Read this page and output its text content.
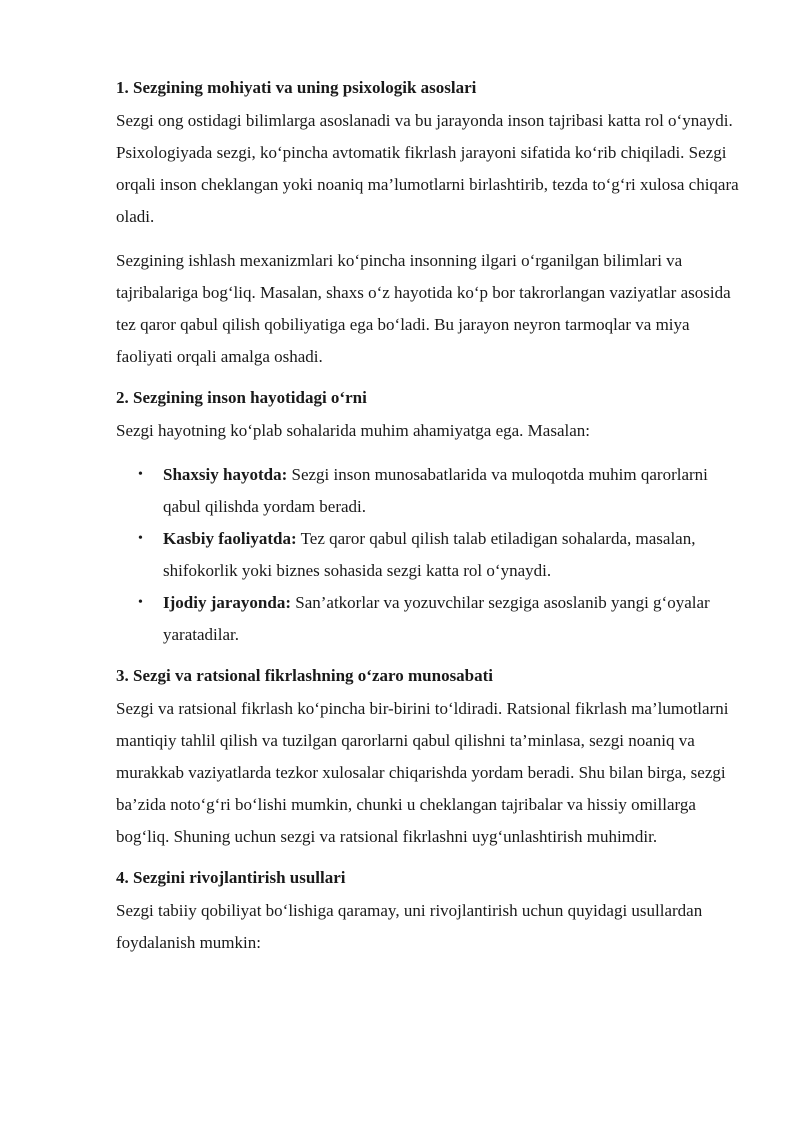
1. Sezgining mohiyati va uning psixologik asoslari

Sezgi ong ostidagi bilimlarga asoslanadi va bu jarayonda inson tajribasi katta rol o‘ynaydi. Psixologiyada sezgi, ko‘pincha avtomatik fikrlash jarayoni sifatida ko‘rib chiqiladi. Sezgi orqali inson cheklangan yoki noaniq ma’lumotlarni birlashtirib, tezda to‘g‘ri xulosa chiqara oladi.

Sezgining ishlash mexanizmlari ko‘pincha insonning ilgari o‘rganilgan bilimlari va tajribalariga bog‘liq. Masalan, shaxs o‘z hayotida ko‘p bor takrorlangan vaziyatlar asosida tez qaror qabul qilish qobiliyatiga ega bo‘ladi. Bu jarayon neyron tarmoqlar va miya faoliyati orqali amalga oshadi.

2. Sezgining inson hayotidagi o‘rni

Sezgi hayotning ko‘plab sohalarida muhim ahamiyatga ega. Masalan:

• Shaxsiy hayotda: Sezgi inson munosabatlarida va muloqotda muhim qarorlarni qabul qilishda yordam beradi.
• Kasbiy faoliyatda: Tez qaror qabul qilish talab etiladigan sohalarda, masalan, shifokorlik yoki biznes sohasida sezgi katta rol o‘ynaydi.
• Ijodiy jarayonda: San’atkorlar va yozuvchilar sezgiga asoslanib yangi g‘oyalar yaratadilar.
3. Sezgi va ratsional fikrlashning o‘zaro munosabati

Sezgi va ratsional fikrlash ko‘pincha bir-birini to‘ldiradi. Ratsional fikrlash ma’lumotlarni mantiqiy tahlil qilish va tuzilgan qarorlarni qabul qilishni ta’minlasa, sezgi noaniq va murakkab vaziyatlarda tezkor xulosalar chiqarishda yordam beradi. Shu bilan birga, sezgi ba’zida noto‘g‘ri bo‘lishi mumkin, chunki u cheklangan tajribalar va hissiy omillarga bog‘liq. Shuning uchun sezgi va ratsional fikrlashni uyg‘unlashtirish muhimdir.

4. Sezgini rivojlantirish usullari

Sezgi tabiiy qobiliyat bo‘lishiga qaramay, uni rivojlantirish uchun quyidagi usullardan foydalanish mumkin:
